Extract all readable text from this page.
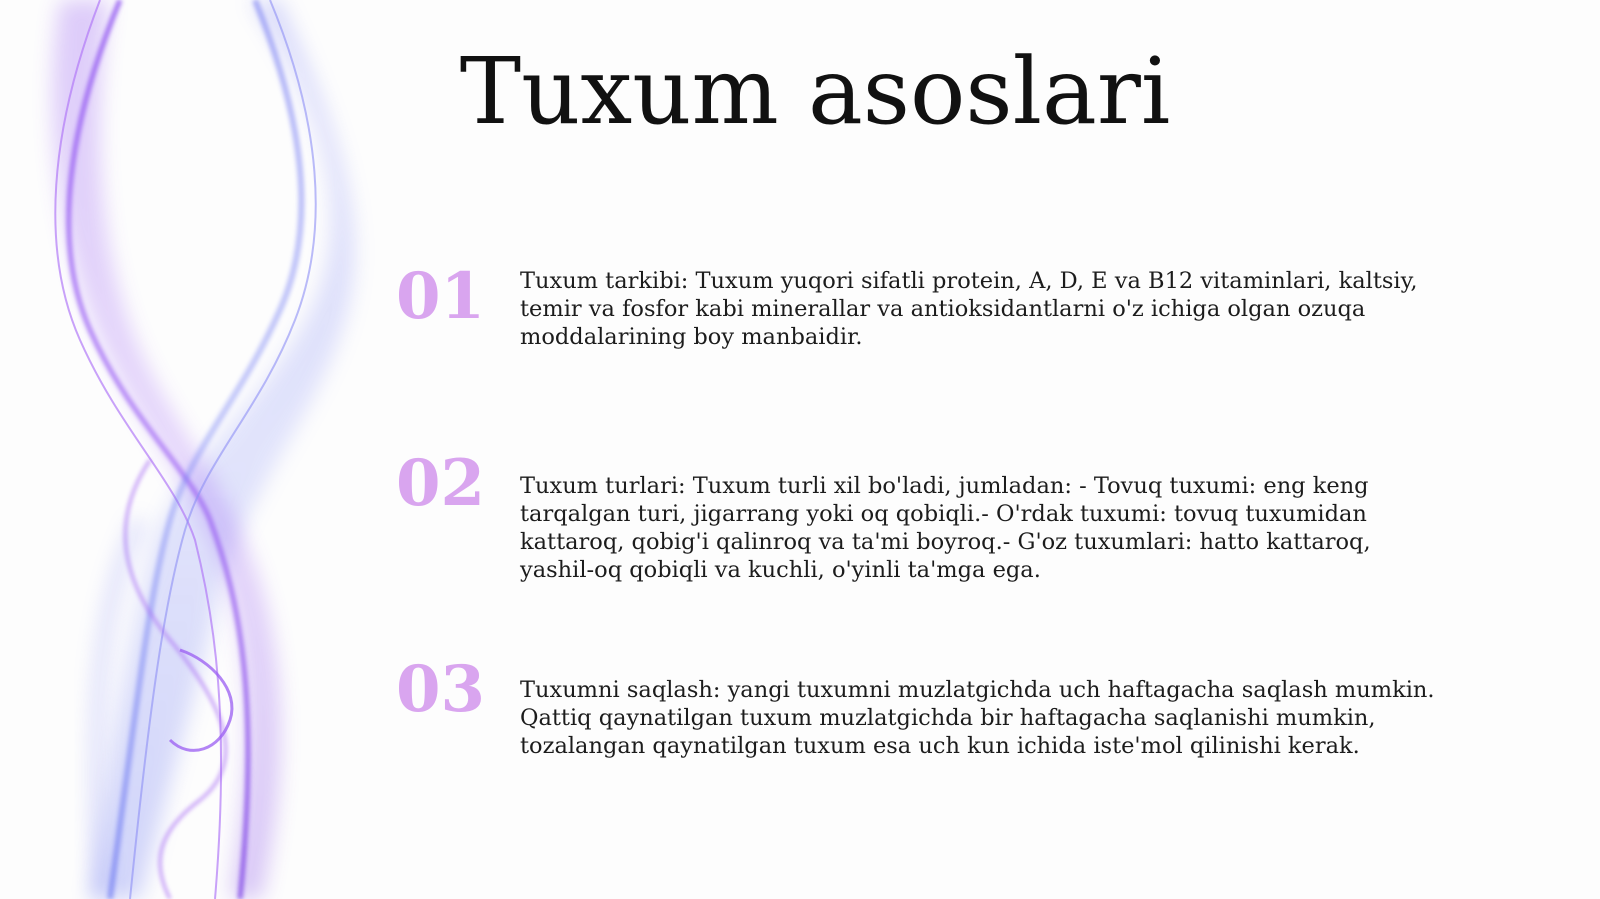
Tuxum asoslari
01 Tuxum tarkibi: Tuxum yuqori sifatli protein, A, D, E va B12 vitaminlari, kaltsiy, temir va fosfor kabi minerallar va antioksidantlarni o'z ichiga olgan ozuqa moddalarining boy manbaidir.
02 Tuxum turlari: Tuxum turli xil bo'ladi, jumladan: - Tovuq tuxumi: eng keng tarqalgan turi, jigarrang yoki oq qobiqli.- O'rdak tuxumi: tovuq tuxumidan kattaroq, qobig'i qalinroq va ta'mi boyroq.- G'oz tuxumlari: hatto kattaroq, yashil-oq qobiqli va kuchli, o'yinli ta'mga ega.
03 Tuxumni saqlash: yangi tuxumni muzlatgichda uch haftagacha saqlash mumkin. Qattiq qaynatilgan tuxum muzlatgichda bir haftagacha saqlanishi mumkin, tozalangan qaynatilgan tuxum esa uch kun ichida iste'mol qilinishi kerak.
